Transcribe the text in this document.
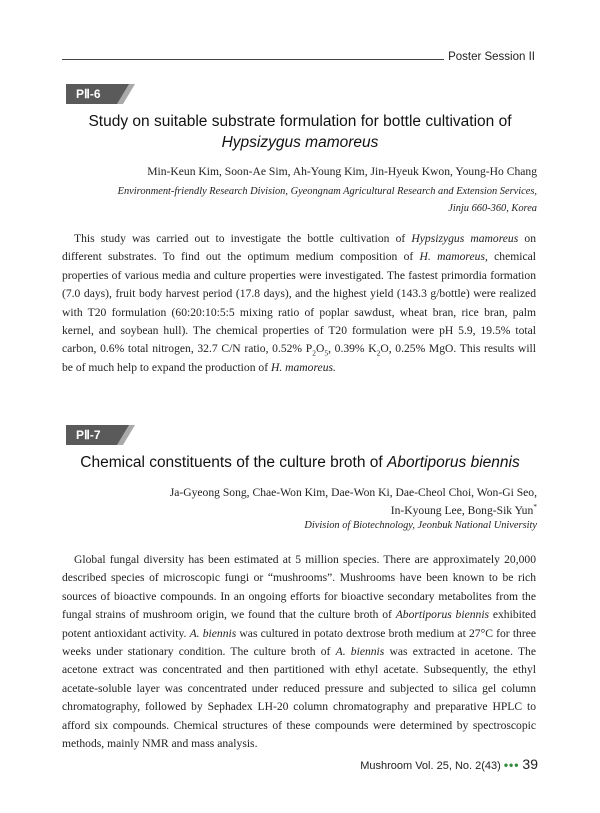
Poster Session II
PⅡ-6
Study on suitable substrate formulation for bottle cultivation of
Hypsizygus mamoreus
Min-Keun Kim, Soon-Ae Sim, Ah-Young Kim, Jin-Hyeuk Kwon, Young-Ho Chang
Environment-friendly Research Division, Gyeongnam Agricultural Research and Extension Services,
Jinju 660-360, Korea
This study was carried out to investigate the bottle cultivation of Hypsizygus mamoreus on different substrates. To find out the optimum medium composition of H. mamoreus, chemical properties of various media and culture properties were investigated. The fastest primordia formation (7.0 days), fruit body harvest period (17.8 days), and the highest yield (143.3 g/bottle) were realized with T20 formulation (60:20:10:5:5 mixing ratio of poplar sawdust, wheat bran, rice bran, palm kernel, and soybean hull). The chemical properties of T20 formulation were pH 5.9, 19.5% total carbon, 0.6% total nitrogen, 32.7 C/N ratio, 0.52% $P_2O_5$, 0.39% $K_2O$, 0.25% MgO. This results will be of much help to expand the production of H. mamoreus.
PⅡ-7
Chemical constituents of the culture broth of Abortiporus biennis
Ja-Gyeong Song, Chae-Won Kim, Dae-Won Ki, Dae-Cheol Choi, Won-Gi Seo,
In-Kyoung Lee, Bong-Sik Yun*
Division of Biotechnology, Jeonbuk National University
Global fungal diversity has been estimated at 5 million species. There are approximately 20,000 described species of microscopic fungi or “mushrooms”. Mushrooms have been known to be rich sources of bioactive compounds. In an ongoing efforts for bioactive secondary metabolites from the fungal strains of mushroom origin, we found that the culture broth of Abortiporus biennis exhibited potent antioxidant activity. A. biennis was cultured in potato dextrose broth medium at 27°C for three weeks under stationary condition. The culture broth of A. biennis was extracted in acetone. The acetone extract was concentrated and then partitioned with ethyl acetate. Subsequently, the ethyl acetate-soluble layer was concentrated under reduced pressure and subjected to silica gel column chromatography, followed by Sephadex LH-20 column chromatography and preparative HPLC to afford six compounds. Chemical structures of these compounds were determined by spectroscopic methods, mainly NMR and mass analysis.
Mushroom Vol. 25, No. 2(43) ••• 39
